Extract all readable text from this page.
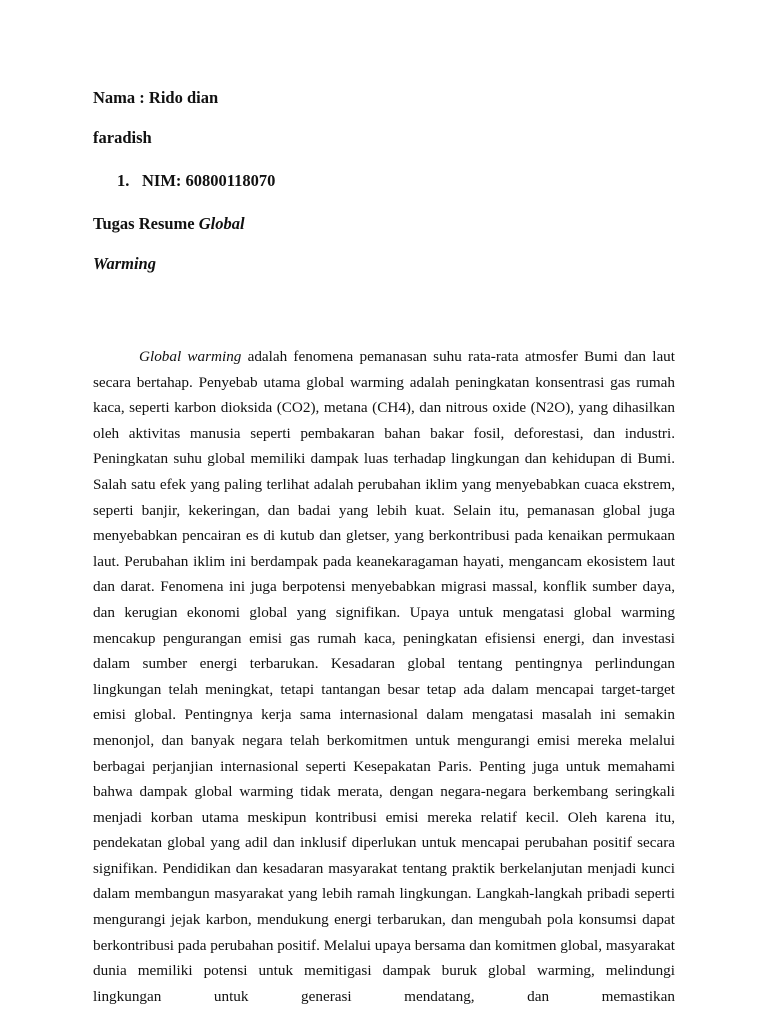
Nama : Rido dian
faradish
1. NIM: 60800118070
Tugas Resume Global
Warming
Global warming adalah fenomena pemanasan suhu rata-rata atmosfer Bumi dan laut secara bertahap. Penyebab utama global warming adalah peningkatan konsentrasi gas rumah kaca, seperti karbon dioksida (CO2), metana (CH4), dan nitrous oxide (N2O), yang dihasilkan oleh aktivitas manusia seperti pembakaran bahan bakar fosil, deforestasi, dan industri. Peningkatan suhu global memiliki dampak luas terhadap lingkungan dan kehidupan di Bumi. Salah satu efek yang paling terlihat adalah perubahan iklim yang menyebabkan cuaca ekstrem, seperti banjir, kekeringan, dan badai yang lebih kuat. Selain itu, pemanasan global juga menyebabkan pencairan es di kutub dan gletser, yang berkontribusi pada kenaikan permukaan laut. Perubahan iklim ini berdampak pada keanekaragaman hayati, mengancam ekosistem laut dan darat. Fenomena ini juga berpotensi menyebabkan migrasi massal, konflik sumber daya, dan kerugian ekonomi global yang signifikan. Upaya untuk mengatasi global warming mencakup pengurangan emisi gas rumah kaca, peningkatan efisiensi energi, dan investasi dalam sumber energi terbarukan. Kesadaran global tentang pentingnya perlindungan lingkungan telah meningkat, tetapi tantangan besar tetap ada dalam mencapai target-target emisi global. Pentingnya kerja sama internasional dalam mengatasi masalah ini semakin menonjol, dan banyak negara telah berkomitmen untuk mengurangi emisi mereka melalui berbagai perjanjian internasional seperti Kesepakatan Paris. Penting juga untuk memahami bahwa dampak global warming tidak merata, dengan negara-negara berkembang seringkali menjadi korban utama meskipun kontribusi emisi mereka relatif kecil. Oleh karena itu, pendekatan global yang adil dan inklusif diperlukan untuk mencapai perubahan positif secara signifikan. Pendidikan dan kesadaran masyarakat tentang praktik berkelanjutan menjadi kunci dalam membangun masyarakat yang lebih ramah lingkungan. Langkah-langkah pribadi seperti mengurangi jejak karbon, mendukung energi terbarukan, dan mengubah pola konsumsi dapat berkontribusi pada perubahan positif. Melalui upaya bersama dan komitmen global, masyarakat dunia memiliki potensi untuk memitigasi dampak buruk global warming, melindungi lingkungan untuk generasi mendatang, dan memastikan
